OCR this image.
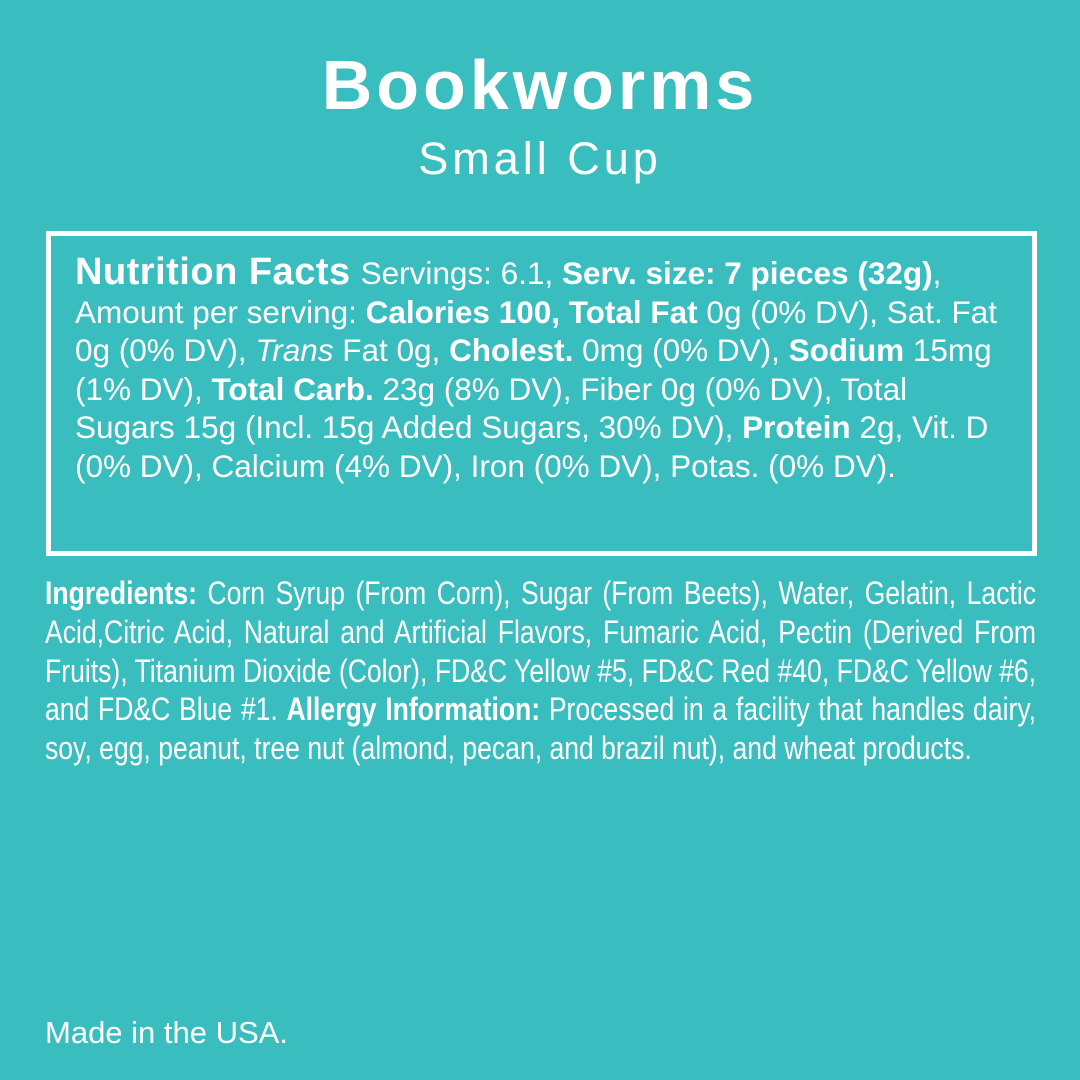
Bookworms
Small Cup

Nutrition Facts Servings: 6.1, Serv. size: 7 pieces (32g), Amount per serving: Calories 100, Total Fat 0g (0% DV), Sat. Fat 0g (0% DV), Trans Fat 0g, Cholest. 0mg (0% DV), Sodium 15mg (1% DV), Total Carb. 23g (8% DV), Fiber 0g (0% DV), Total Sugars 15g (Incl. 15g Added Sugars, 30% DV), Protein 2g, Vit. D (0% DV), Calcium (4% DV), Iron (0% DV), Potas. (0% DV).

Ingredients: Corn Syrup (From Corn), Sugar (From Beets), Water, Gelatin, Lactic Acid,Citric Acid, Natural and Artificial Flavors, Fumaric Acid, Pectin (Derived From Fruits), Titanium Dioxide (Color), FD&C Yellow #5, FD&C Red #40, FD&C Yellow #6, and FD&C Blue #1. Allergy Information: Processed in a facility that handles dairy, soy, egg, peanut, tree nut (almond, pecan, and brazil nut), and wheat products.

Made in the USA.
